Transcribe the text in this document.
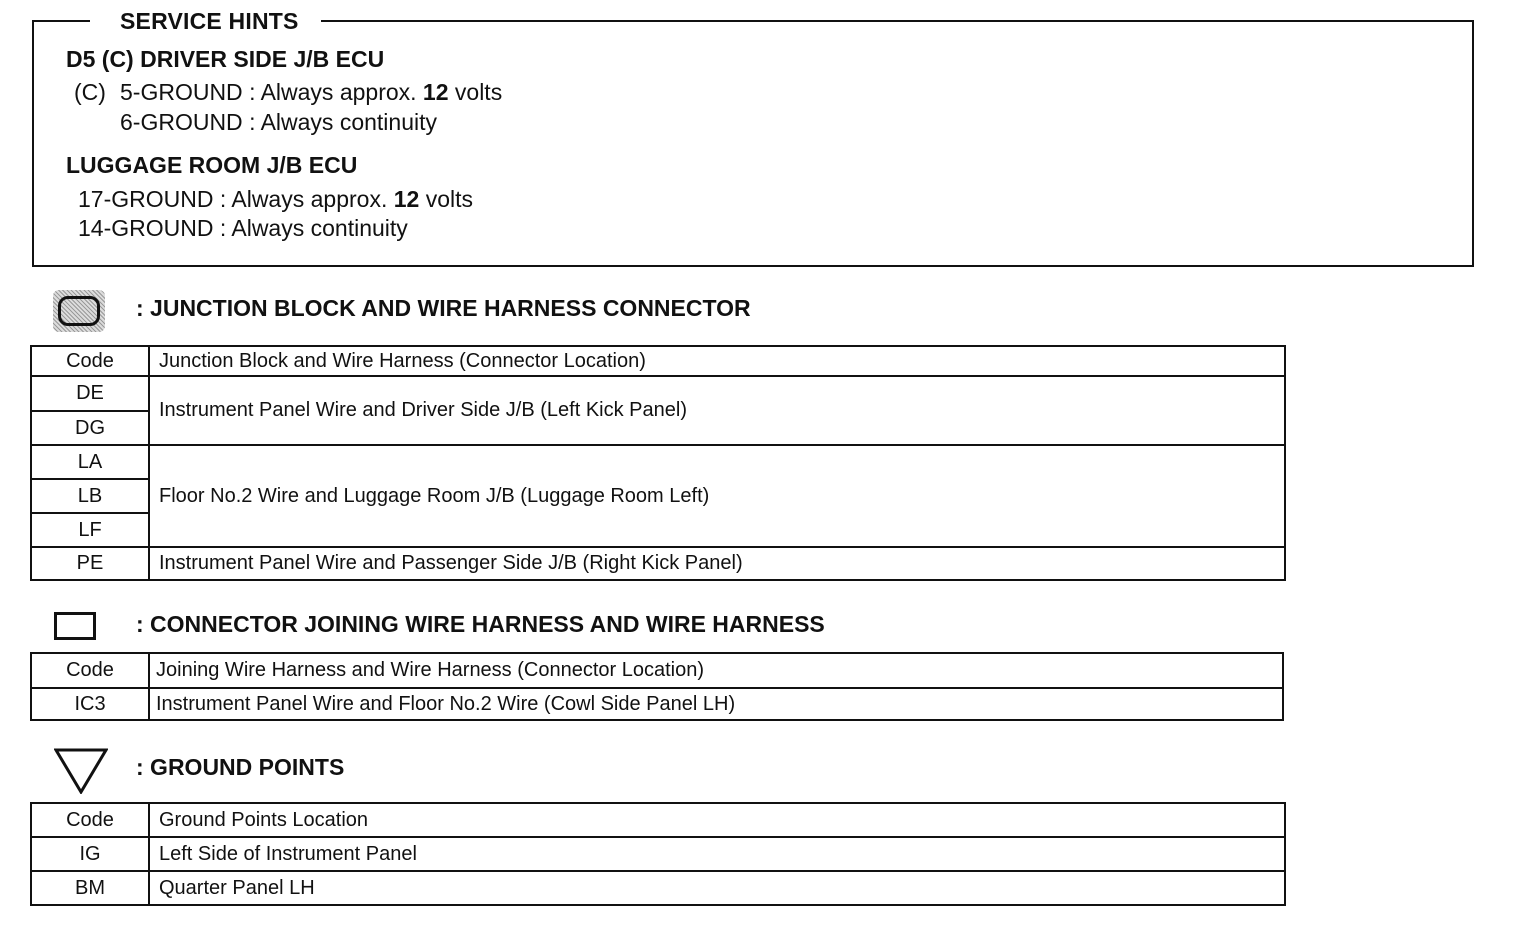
SERVICE HINTS
D5 (C) DRIVER SIDE J/B ECU
(C) 5-GROUND : Always approx. 12 volts
6-GROUND : Always continuity
LUGGAGE ROOM J/B ECU
17-GROUND : Always approx. 12 volts
14-GROUND : Always continuity
: JUNCTION BLOCK AND WIRE HARNESS CONNECTOR
Code	Junction Block and Wire Harness (Connector Location)
DE	Instrument Panel Wire and Driver Side J/B (Left Kick Panel)
DG	
LA	Floor No.2 Wire and Luggage Room J/B (Luggage Room Left)
LB	
LF	
PE	Instrument Panel Wire and Passenger Side J/B (Right Kick Panel)
: CONNECTOR JOINING WIRE HARNESS AND WIRE HARNESS
Code	Joining Wire Harness and Wire Harness (Connector Location)
IC3	Instrument Panel Wire and Floor No.2 Wire (Cowl Side Panel LH)
: GROUND POINTS
Code	Ground Points Location
IG	Left Side of Instrument Panel
BM	Quarter Panel LH
